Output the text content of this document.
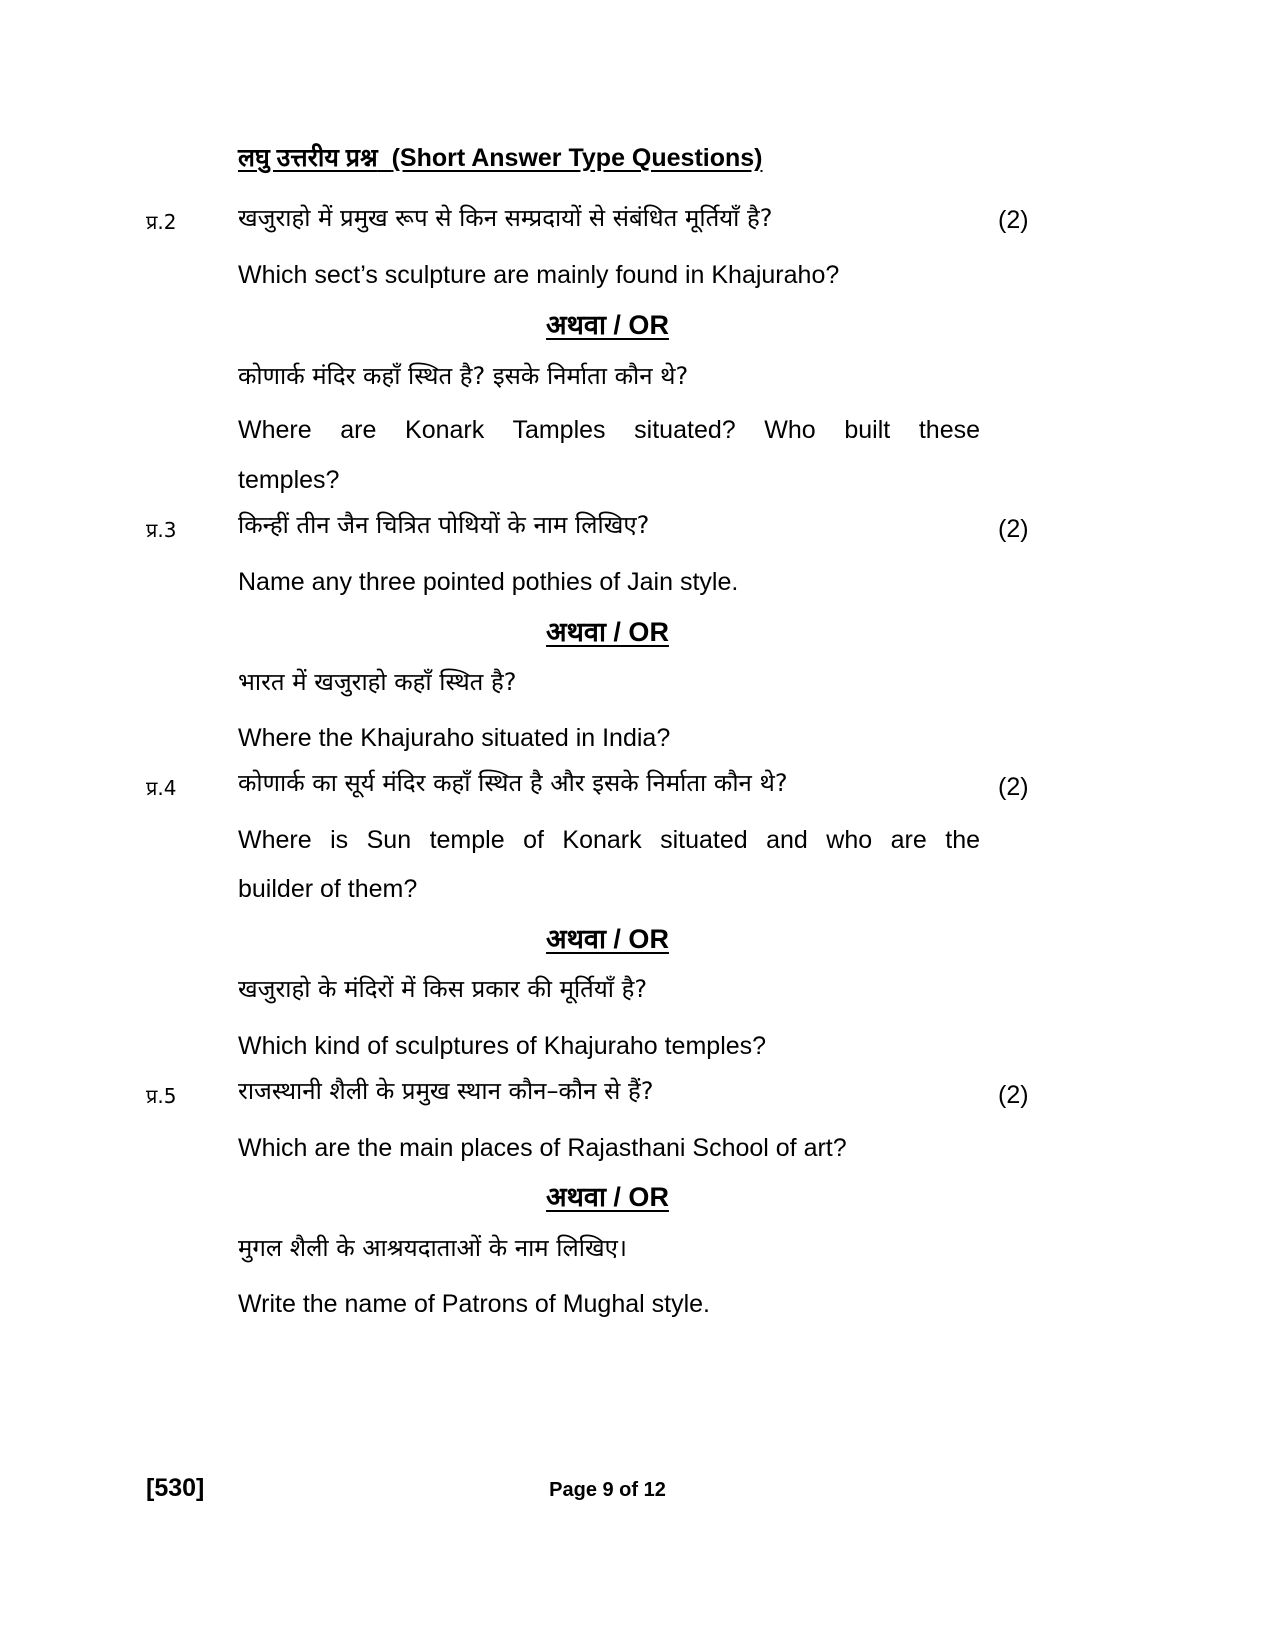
लघु उत्तरीय प्रश्न (Short Answer Type Questions)
प्र.2	खजुराहो में प्रमुख रूप से किन सम्प्रदायों से संबंधित मूर्तियाँ है?	(2)
Which sect’s sculpture are mainly found in Khajuraho?
अथवा / OR
कोणार्क मंदिर कहाँ स्थित है? इसके निर्माता कौन थे?
Where are Konark Tamples situated? Who built these
temples?
प्र.3	किन्हीं तीन जैन चित्रित पोथियों के नाम लिखिए?	(2)
Name any three pointed pothies of Jain style.
अथवा / OR
भारत में खजुराहो कहाँ स्थित है?
Where the Khajuraho situated in India?
प्र.4	कोणार्क का सूर्य मंदिर कहाँ स्थित है और इसके निर्माता कौन थे?	(2)
Where is Sun temple of Konark situated and who are the
builder of them?
अथवा / OR
खजुराहो के मंदिरों में किस प्रकार की मूर्तियाँ है?
Which kind of sculptures of Khajuraho temples?
प्र.5	राजस्थानी शैली के प्रमुख स्थान कौन–कौन से हैं?	(2)
Which are the main places of Rajasthani School of art?
अथवा / OR
मुगल शैली के आश्रयदाताओं के नाम लिखिए।
Write the name of Patrons of Mughal style.
[530]	Page 9 of 12
